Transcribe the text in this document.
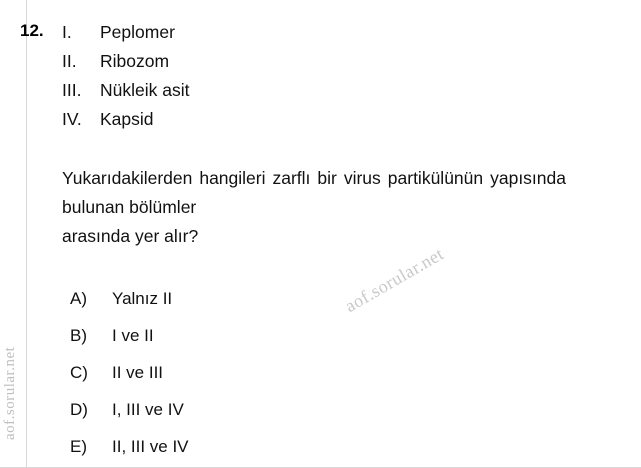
12. I. Peplomer
II. Ribozom
III. Nükleik asit
IV. Kapsid
Yukarıdakilerden hangileri zarflı bir virus partikülünün yapısında bulunan bölümler
arasında yer alır?
A) Yalnız II
B) I ve II
C) II ve III
D) I, III ve IV
E) II, III ve IV
aof.sorular.net
aof.sorular.net
